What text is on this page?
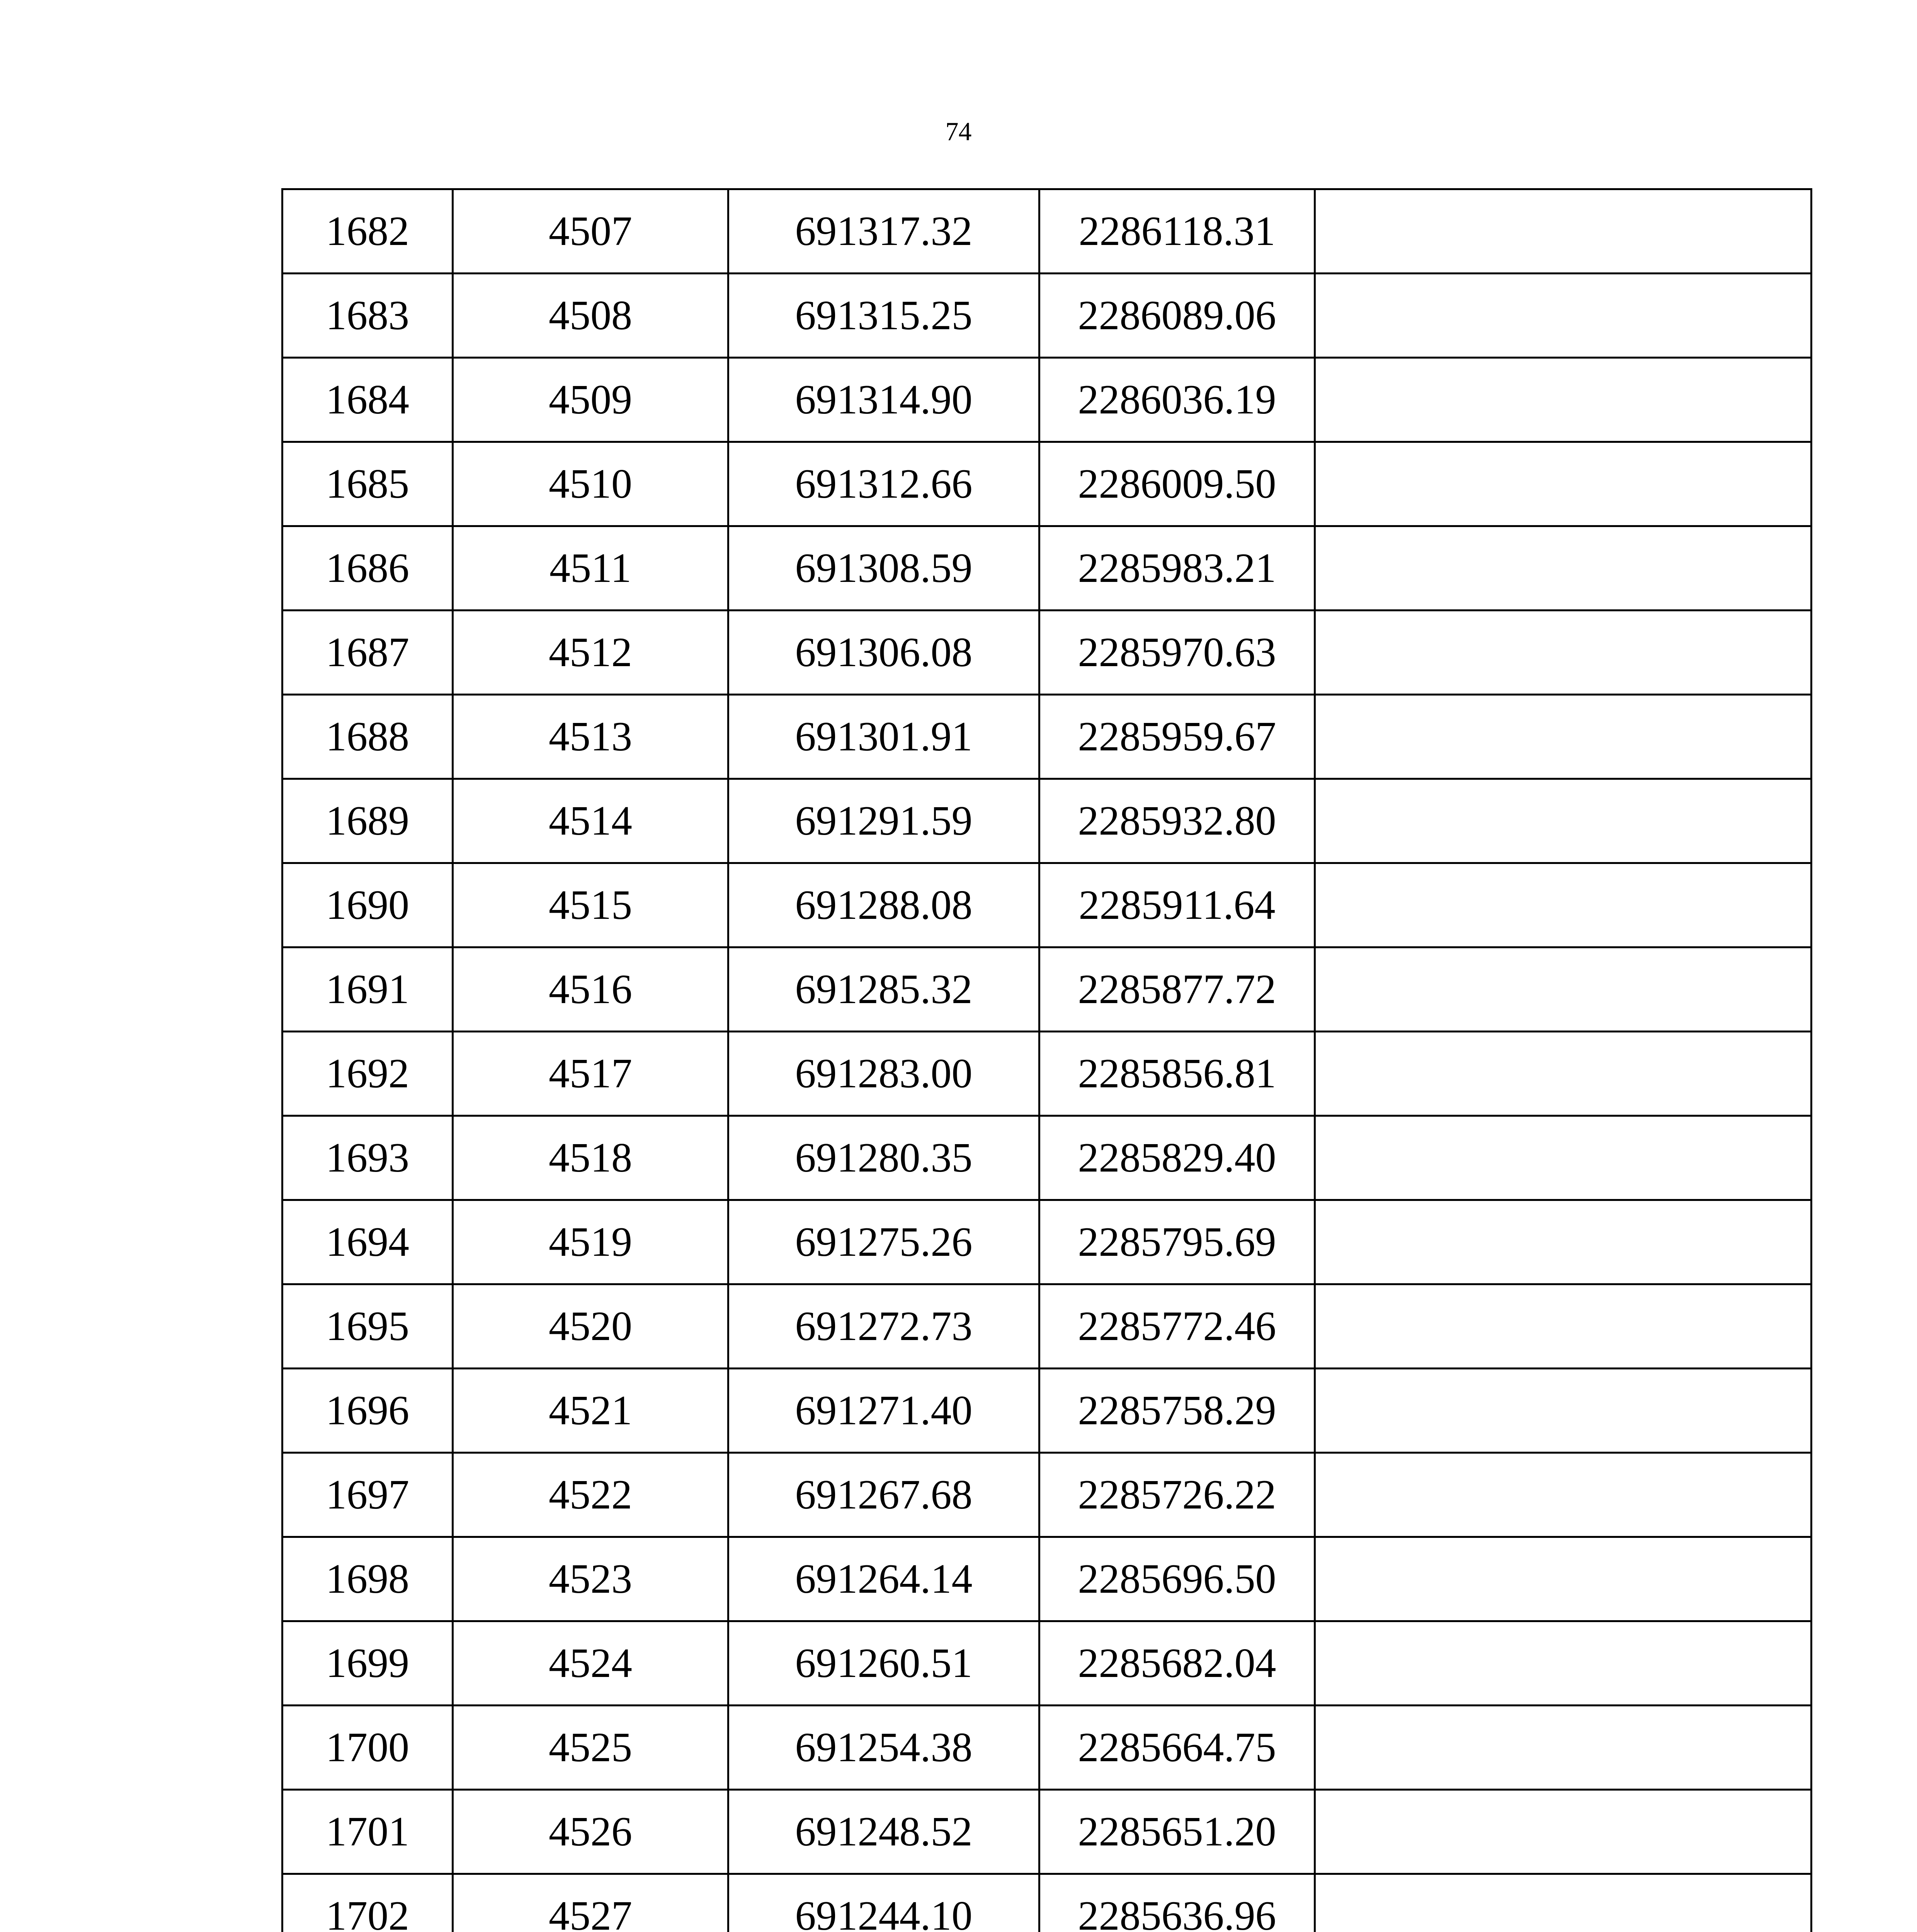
74
1682	4507	691317.32	2286118.31	
1683	4508	691315.25	2286089.06	
1684	4509	691314.90	2286036.19	
1685	4510	691312.66	2286009.50	
1686	4511	691308.59	2285983.21	
1687	4512	691306.08	2285970.63	
1688	4513	691301.91	2285959.67	
1689	4514	691291.59	2285932.80	
1690	4515	691288.08	2285911.64	
1691	4516	691285.32	2285877.72	
1692	4517	691283.00	2285856.81	
1693	4518	691280.35	2285829.40	
1694	4519	691275.26	2285795.69	
1695	4520	691272.73	2285772.46	
1696	4521	691271.40	2285758.29	
1697	4522	691267.68	2285726.22	
1698	4523	691264.14	2285696.50	
1699	4524	691260.51	2285682.04	
1700	4525	691254.38	2285664.75	
1701	4526	691248.52	2285651.20	
1702	4527	691244.10	2285636.96	
